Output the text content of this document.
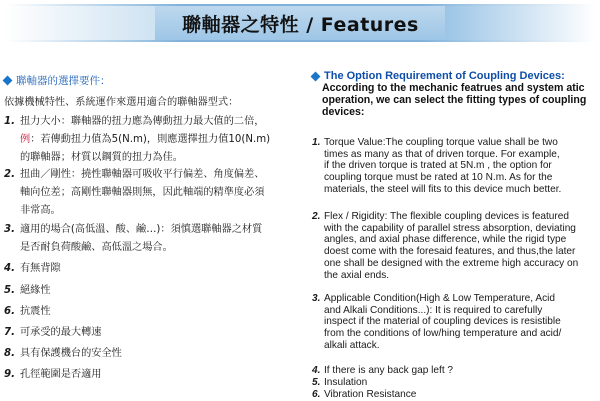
聯軸器之特性 / Features
聯軸器的選擇要件：
依據機械特性、系統運作來選用適合的聯軸器型式：
1. 扭力大小：聯軸器的扭力應為傳動扭力最大值的二倍，
例：若傳動扭力值為5(N.m)，則應選擇扭力值10(N.m)
的聯軸器；材質以鋼質的扭力為佳。
2. 扭曲／剛性：撓性聯軸器可吸收平行偏差、角度偏差、
軸向位差；高剛性聯軸器則無，因此軸端的精準度必須
非常高。
3. 適用的場合(高低溫、酸、鹼…)：須慎選聯軸器之材質
是否耐負荷酸鹼、高低溫之場合。
4. 有無背隙
5. 絕緣性
6. 抗震性
7. 可承受的最大轉速
8. 具有保護機台的安全性
9. 孔徑範圍是否適用
The Option Requirement of Coupling Devices:
According to the mechanic featrues and system atic
operation, we can select the fitting types of coupling
devices:
1. Torque Value:The coupling torque value shall be two
times as many as that of driven torque. For example,
if the driven torque is trated at 5N.m , the option for
coupling torque must be rated at 10 N.m. As for the
materials, the steel will fits to this device much better.
2. Flex / Rigidity: The flexible coupling devices is featured
with the capability of parallel stress absorption, deviating
angles, and axial phase difference, while the rigid type
doest come with the foresaid features, and thus,the later
one shall be designed with the extreme high accuracy on
the axial ends.
3. Applicable Condition(High & Low Temperature, Acid
and Alkali Conditions...): It is required to carefully
inspect if the material of coupling devices is resistible
from the conditions of low/hing temperature and acid/
alkali attack.
4. If there is any back gap left ?
5. Insulation
6. Vibration Resistance
